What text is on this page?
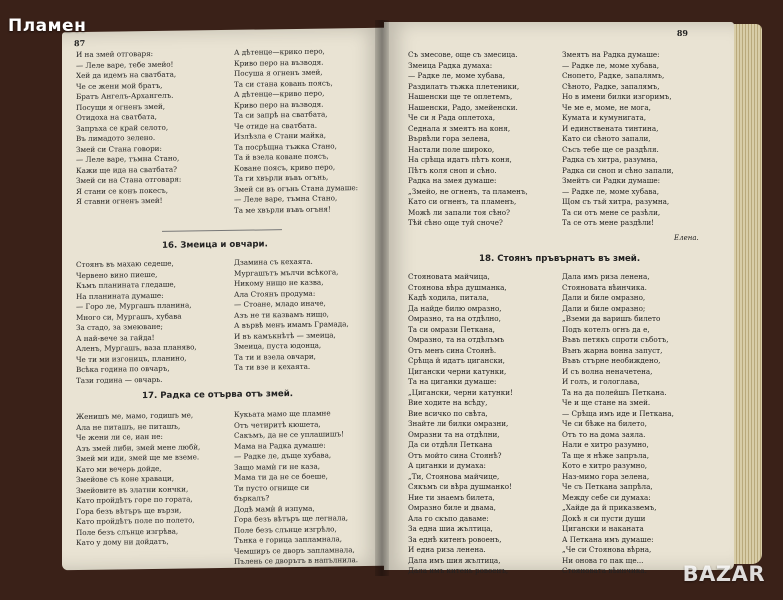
Пламен
BAZAR
87
И на змей отговаря:
— Леле варе, тебе змейо!
Хей да идемъ на сватбата,
Че се жени мой братъ,
Братъ Ангелъ-Архангелъ.
Посущи я огненъ змей,
Отидоха на сватбата,
Запръха се край селото,
Въ лимадото зелено.
Змей си Стана говори:
— Леле варе, тъмна Стано,
Кажи ще ида на сватбата?
Змей си на Стана отговаря:
Я стани се конъ покесъ,
Я ставни огненъ змей!
А дѣтенце—крико перо,
Криво перо на възводя.
Посуша я огненъ змей,
Та си стана ковань поясъ,
А дѣтенце—криво перо,
Криво перо на възводя.
Та си запрѣ на сватбата,
Че отиде на сватбата.
Излѣзла е Стани майка,
Та посрѣщна тъжка Стано,
Та й взела коване поясъ,
Коване поясъ, криво перо,
Та ги хвърли въвъ огънь,
Змей си въ огънь Стана думаше:
— Леле варе, тъмна Стано,
Та ме хвърли въвъ огъня!
16. Змеица и овчари.
Стоянъ въ махаю седеше,
Червено вино пиеше,
Къмъ планината гледаше,
На планината думаше:
— Горо ле, Мургашъ планина,
Много си, Мургашъ, хубава
За стадо, за змеюване;
А най-вече за гайда!
Аленъ, Мургашъ, ваза планяво,
Че ти ми изгоницъ, планино,
Всѣка година по овчаръ,
Тази година — овчарь.
Дзамина съ кехаята.
Мургашътъ мълчи всѣкога,
Никому нищо не казва,
Ала Стоянъ продума:
— Стоане, младо иначе,
Азъ не ти казвамъ нищо,
А вървѣ менъ имамъ Грамада,
И въ камъкнѣтѣ — змеица,
Змеица, пуста юдонца,
Та ти и взела овчари,
Та ти взе и кехаята.
17. Радка се отърва отъ змей.
Женишъ ме, мамо, годишъ ме,
Ала не питашъ, не питашъ,
Че жени ли се, иан не:
Азъ змей либи, змей мене любѝ,
Змей ми иди, змей ще ме вземе.
Като ми вечерь дойде,
Змейове съ коне храваци,
Змейовите въ златни кончки,
Като пройдѣтъ горе по гората,
Гора безъ вѣтъръ ще вързи,
Като пройдѣтъ поле по полето,
Поле безъ слънце изгрѣва,
Като у дому ни дойдатъ,
Кукьата мамо ще пламне
Отъ четиритѣ кюшета,
Сакъмъ, да не се уплашишъ!
Мама на Радка думаше:
— Радке ле, дъще хубава,
Защо мамѝ ги не каза,
Мама ти да не се боеше,
Ти пусто огнище си
бъркалъ?
Додѣ мамѝ й изпума,
Гора безъ вѣтъръ ще легнала,
Поле безъ слънце изгрѣло,
Тънка е горица запламнала,
Чемширъ се дворъ запламнала,
Пълень се дворътъ в напълнила.
89
Съ змесове, още съ змесица.
Змеица Радка думаха:
— Радке ле, моме хубава,
Раздилатъ тъжка плетеники,
Нашенски ще те оплетемъ,
Нашенски, Радо, змейенски.
Че си я Рада оплетоха,
Седнала я змеятъ на коня,
Вървѣли гора зелена,
Настали поле широко,
На срѣща идатъ пѣтъ коня,
Пѣтъ коля сноп и сѣно.
Радка на змея думаше:
„Змейо, не огненъ, та пламенъ,
Като си огненъ, та пламенъ,
Можѣ ли запали тоя сѣно?
Тѣй сѣно още туй сноче?
Змеятъ на Радка думаше:
— Радке ле, моме хубава,
Снопето, Радке, запалямъ,
Сѣното, Радке, запалямъ,
Но в имени билки изгоримъ,
Че ме е, моме, не мога,
Кумата и кумунигата,
И единствената тинтина,
Като си сѣното запали,
Съсъ тебе ще се раздѣля.
Радка съ хитра, разумна,
Радка си сноп и сѣно запали,
Змейтъ си Радки думаше:
— Радке ле, моме хубава,
Щом съ тъй хитра, разумна,
Та си отъ мене се разѣли,
Та се отъ мене раздѣли!
Елена.
18. Стоянъ пръвърнатъ въ змей.
Стояновата майчица,
Стоянова вѣра душманка,
Кадѣ ходила, питала,
Да найде билю омразно,
Омразно, та на отдѣлно,
Та си омрази Петкана,
Омразно, та на отдѣлъмъ
Отъ менъ сина Стоянѣ.
Срѣща й идатъ цигански,
Цигански черни катунки,
Та на циганки думаше:
„Цигански, черни катунки!
Вие ходите на всѣду,
Вие всичко по свѣта,
Знайте ли билки омразни,
Омразни та на отдѣлни,
Да си отдѣля Петкана
Отъ мойто сина Стоянѣ?
А циганки и думаха:
„Ти, Стоянова майчице,
Сякъмъ си вѣра душманко!
Ние ти знаемъ билета,
Омразно биле и двама,
Ала го скъпо даваме:
За една шиа жълтица,
За еднѣ китенъ ровоенъ,
И една риза ленена.
Дала имъ шия жълтица,
Дала имъ китень ровоенъ,
Дала имъ риза ленена,
Стояновата вѣинчика.
Дали и биле омразно,
Дали и биле омразно;
„Вземи да варишъ билето
Подъ котелъ огнъ да е,
Въвъ петякъ спроти съботъ,
Вънъ жарна вонна запуст,
Въвъ стърне необиждено,
И съ волна неначетена,
И голъ, и гологлава,
Та на да полейшъ Петкана.
Че и ще стане на змей.
— Срѣща имъ иде и Петкана,
Че си бѣже на билето,
Отъ то на дома заяла.
Нали е хитро разумно,
Та ще я нѣже запръла,
Кото е хитро разумно,
Наз-мимо гора зелена,
Че съ Петкана запрѣла,
Между себе си думаха:
„Хайде да й приказвемъ,
Докѣ я си пусти души
Цигански и наканата
А Петкана имъ думаше:
„Че си Стоянова вѣрна,
Ни онова го пак ще...
Стояновата вѣинчика.
